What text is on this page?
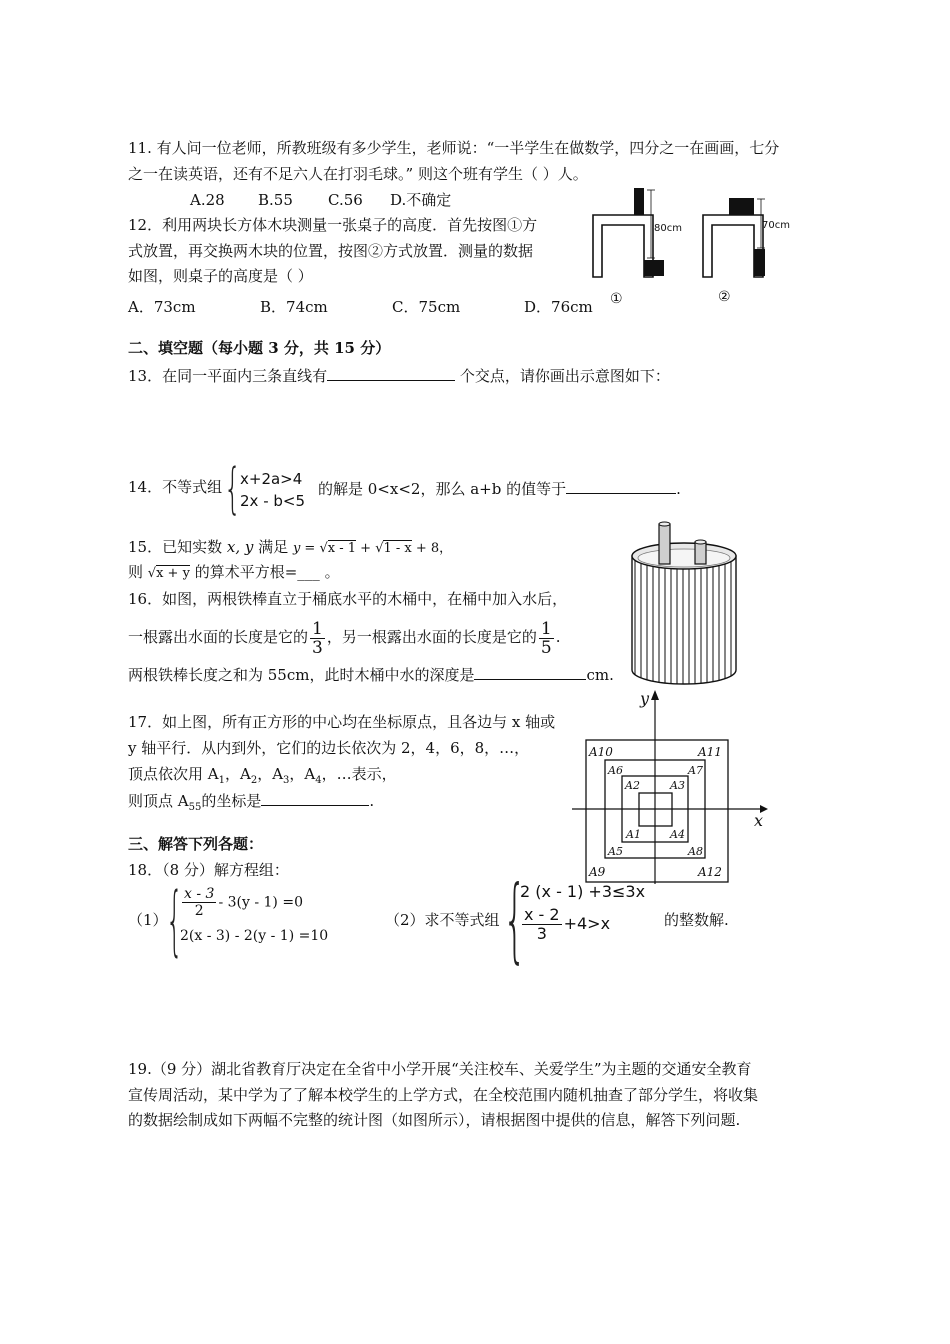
11. 有人问一位老师，所教班级有多少学生，老师说：“一半学生在做数学，四分之一在画画，七分
之一在读英语，还有不足六人在打羽毛球。” 则这个班有学生（ ）人。
A.28 B.55 C.56 D.不确定
12．利用两块长方体木块测量一张桌子的高度．首先按图①方
式放置，再交换两木块的位置，按图②方式放置．测量的数据
如图，则桌子的高度是（ ）
A．73cm	B．74cm	C．75cm	D．76cm
80cm
①
70cm
②
二、填空题（每小题 3 分，共 15 分）
13．在同一平面内三条直线有	个交点，请你画出示意图如下：
14．不等式组 {
x+2a>4
2x - b<5
的解是 0<x<2，那么 a+b 的值等于	.
15．已知实数 x, y 满足 y = √x - 1 + √1 - x + 8，
则 √x + y 的算术平方根=___ 。
16．如图，两根铁棒直立于桶底水平的木桶中，在桶中加入水后，
一根露出水面的长度是它的 $\frac{1}{3}$ ，另一根露出水面的长度是它的 $\frac{1}{5}$ .
两根铁棒长度之和为 55cm，此时木桶中水的深度是	cm.
17．如上图，所有正方形的中心均在坐标原点，且各边与 x 轴或
y 轴平行．从内到外，它们的边长依次为 2，4，6，8，…，
顶点依次用 $A_1$，$A_2$，$A_3$，$A_4$，…表示，
则顶点 $A_{55}$的坐标是	.
x
y
A2	A3
A1	A4
A6	A7
A5	A8
A10	A11
A9	A12
三、解答下列各题：
18．（8 分）解方程组：
（1）
{ $\frac{x - 3}{2} - 3(y - 1) =0$
2(x - 3) - 2(y - 1) =10
（2）求不等式组 {
2 (x - 1) +3≤3x
$\frac{x - 2}{3} +4>x$	的整数解.
19.（9 分）湖北省教育厅决定在全省中小学开展“关注校车、关爱学生”为主题的交通安全教育
宣传周活动，某中学为了了解本校学生的上学方式，在全校范围内随机抽查了部分学生，将收集
的数据绘制成如下两幅不完整的统计图（如图所示），请根据图中提供的信息，解答下列问题.
